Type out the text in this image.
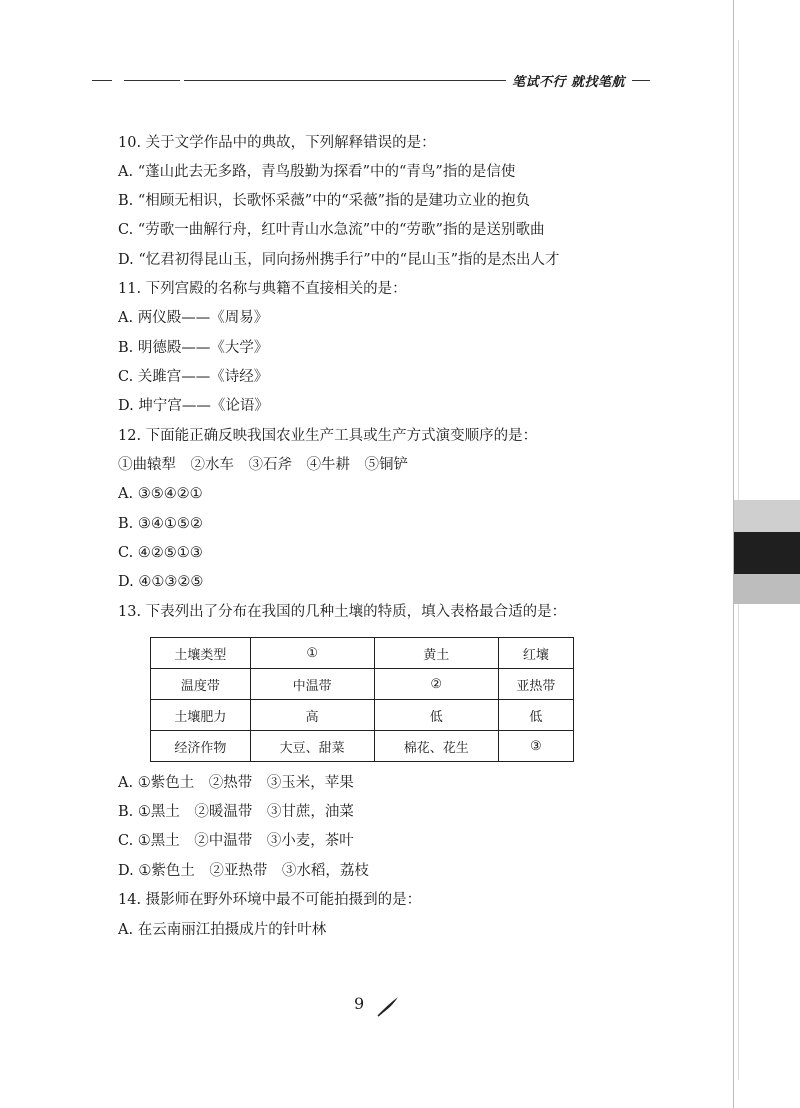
笔试不行 就找笔航
10. 关于文学作品中的典故，下列解释错误的是：
A. “蓬山此去无多路，青鸟殷勤为探看”中的“青鸟”指的是信使
B. “相顾无相识，长歌怀采薇”中的“采薇”指的是建功立业的抱负
C. “劳歌一曲解行舟，红叶青山水急流”中的“劳歌”指的是送别歌曲
D. “忆君初得昆山玉，同向扬州携手行”中的“昆山玉”指的是杰出人才
11. 下列宫殿的名称与典籍不直接相关的是：
A. 两仪殿——《周易》
B. 明德殿——《大学》
C. 关雎宫——《诗经》
D. 坤宁宫——《论语》
12. 下面能正确反映我国农业生产工具或生产方式演变顺序的是：
①曲辕犁　②水车　③石斧　④牛耕　⑤铜铲
A. ③⑤④②①
B. ③④①⑤②
C. ④②⑤①③
D. ④①③②⑤
13. 下表列出了分布在我国的几种土壤的特质，填入表格最合适的是：
土壤类型	①	黄土	红壤
温度带	中温带	②	亚热带
土壤肥力	高	低	低
经济作物	大豆、甜菜	棉花、花生	③
A. ①紫色土　②热带　③玉米，苹果
B. ①黑土　②暖温带　③甘蔗，油菜
C. ①黑土　②中温带　③小麦，茶叶
D. ①紫色土　②亚热带　③水稻，荔枝
14. 摄影师在野外环境中最不可能拍摄到的是：
A. 在云南丽江拍摄成片的针叶林
9
